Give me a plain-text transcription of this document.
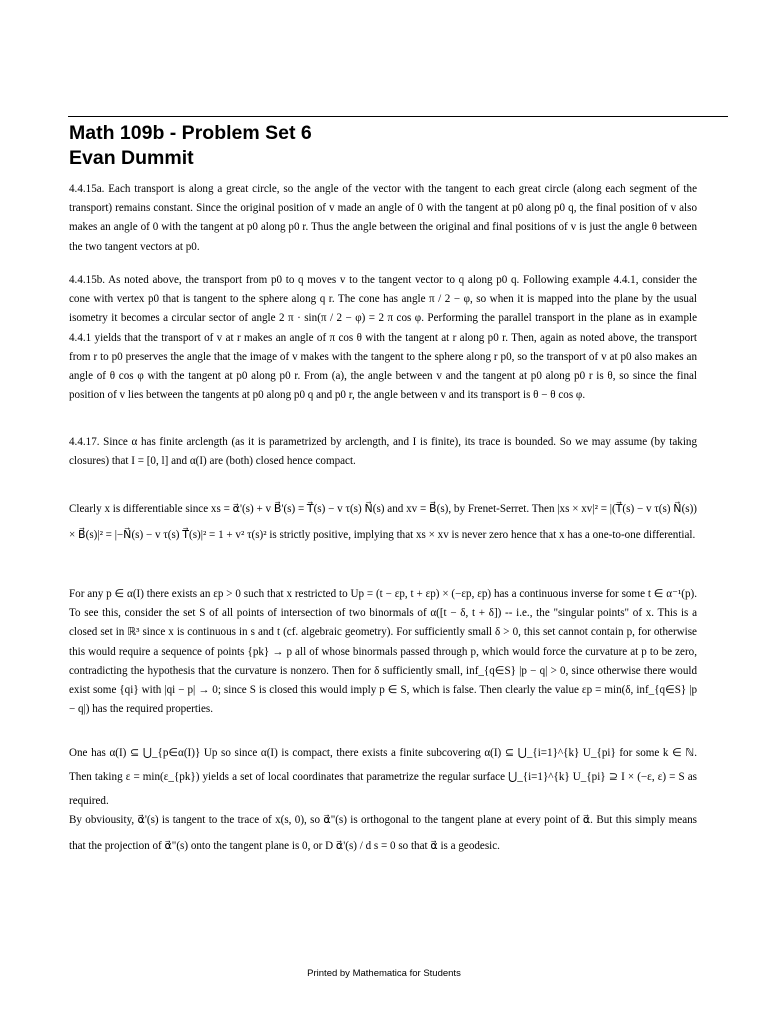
Math 109b - Problem Set 6
Evan Dummit
4.4.15a. Each transport is along a great circle, so the angle of the vector with the tangent to each great circle (along each segment of the transport) remains constant. Since the original position of v made an angle of 0 with the tangent at p0 along p0 q, the final position of v also makes an angle of 0 with the tangent at p0 along p0 r. Thus the angle between the original and final positions of v is just the angle θ between the two tangent vectors at p0.
4.4.15b. As noted above, the transport from p0 to q moves v to the tangent vector to q along p0 q. Following example 4.4.1, consider the cone with vertex p0 that is tangent to the sphere along q r. The cone has angle π / 2 − φ, so when it is mapped into the plane by the usual isometry it becomes a circular sector of angle 2 π · sin(π / 2 − φ) = 2 π cos φ. Performing the parallel transport in the plane as in example 4.4.1 yields that the transport of v at r makes an angle of π cos θ with the tangent at r along p0 r. Then, again as noted above, the transport from r to p0 preserves the angle that the image of v makes with the tangent to the sphere along r p0, so the transport of v at p0 also makes an angle of θ cos φ with the tangent at p0 along p0 r. From (a), the angle between v and the tangent at p0 along p0 r is θ, so since the final position of v lies between the tangents at p0 along p0 q and p0 r, the angle between v and its transport is θ − θ cos φ.
4.4.17. Since α has finite arclength (as it is parametrized by arclength, and I is finite), its trace is bounded. So we may assume (by taking closures) that I = [0, l] and α(I) are (both) closed hence compact.
Clearly x is differentiable since xs = α⃗'(s) + v B⃗'(s) = T⃗(s) − v τ(s) N⃗(s) and xv = B⃗(s), by Frenet-Serret. Then |xs × xv|² = |(T⃗(s) − v τ(s) N⃗(s)) × B⃗(s)|² = |−N⃗(s) − v τ(s) T⃗(s)|² = 1 + v² τ(s)² is strictly positive, implying that xs × xv is never zero hence that x has a one-to-one differential.
For any p ∈ α(I) there exists an εp > 0 such that x restricted to Up = (t − εp, t + εp) × (−εp, εp) has a continuous inverse for some t ∈ α⁻¹(p). To see this, consider the set S of all points of intersection of two binormals of α([t − δ, t + δ]) -- i.e., the "singular points" of x. This is a closed set in ℝ³ since x is continuous in s and t (cf. algebraic geometry). For sufficiently small δ > 0, this set cannot contain p, for otherwise this would require a sequence of points {pk} → p all of whose binormals passed through p, which would force the curvature at p to be zero, contradicting the hypothesis that the curvature is nonzero. Then for δ sufficiently small, inf_{q∈S} |p − q| > 0, since otherwise there would exist some {qi} with |qi − p| → 0; since S is closed this would imply p ∈ S, which is false. Then clearly the value εp = min(δ, inf_{q∈S} |p − q|) has the required properties.
One has α(I) ⊆ ⋃_{p∈α(I)} Up so since α(I) is compact, there exists a finite subcovering α(I) ⊆ ⋃_{i=1}^{k} U_{pi} for some k ∈ ℕ. Then taking ε = min(ε_{pk}) yields a set of local coordinates that parametrize the regular surface ⋃_{i=1}^{k} U_{pi} ⊇ I × (−ε, ε) = S as required.
By obviousity, α⃗'(s) is tangent to the trace of x(s, 0), so α⃗"(s) is orthogonal to the tangent plane at every point of α⃗. But this simply means that the projection of α⃗"(s) onto the tangent plane is 0, or D α⃗'(s) / d s = 0 so that α⃗ is a geodesic.
Printed by Mathematica for Students
